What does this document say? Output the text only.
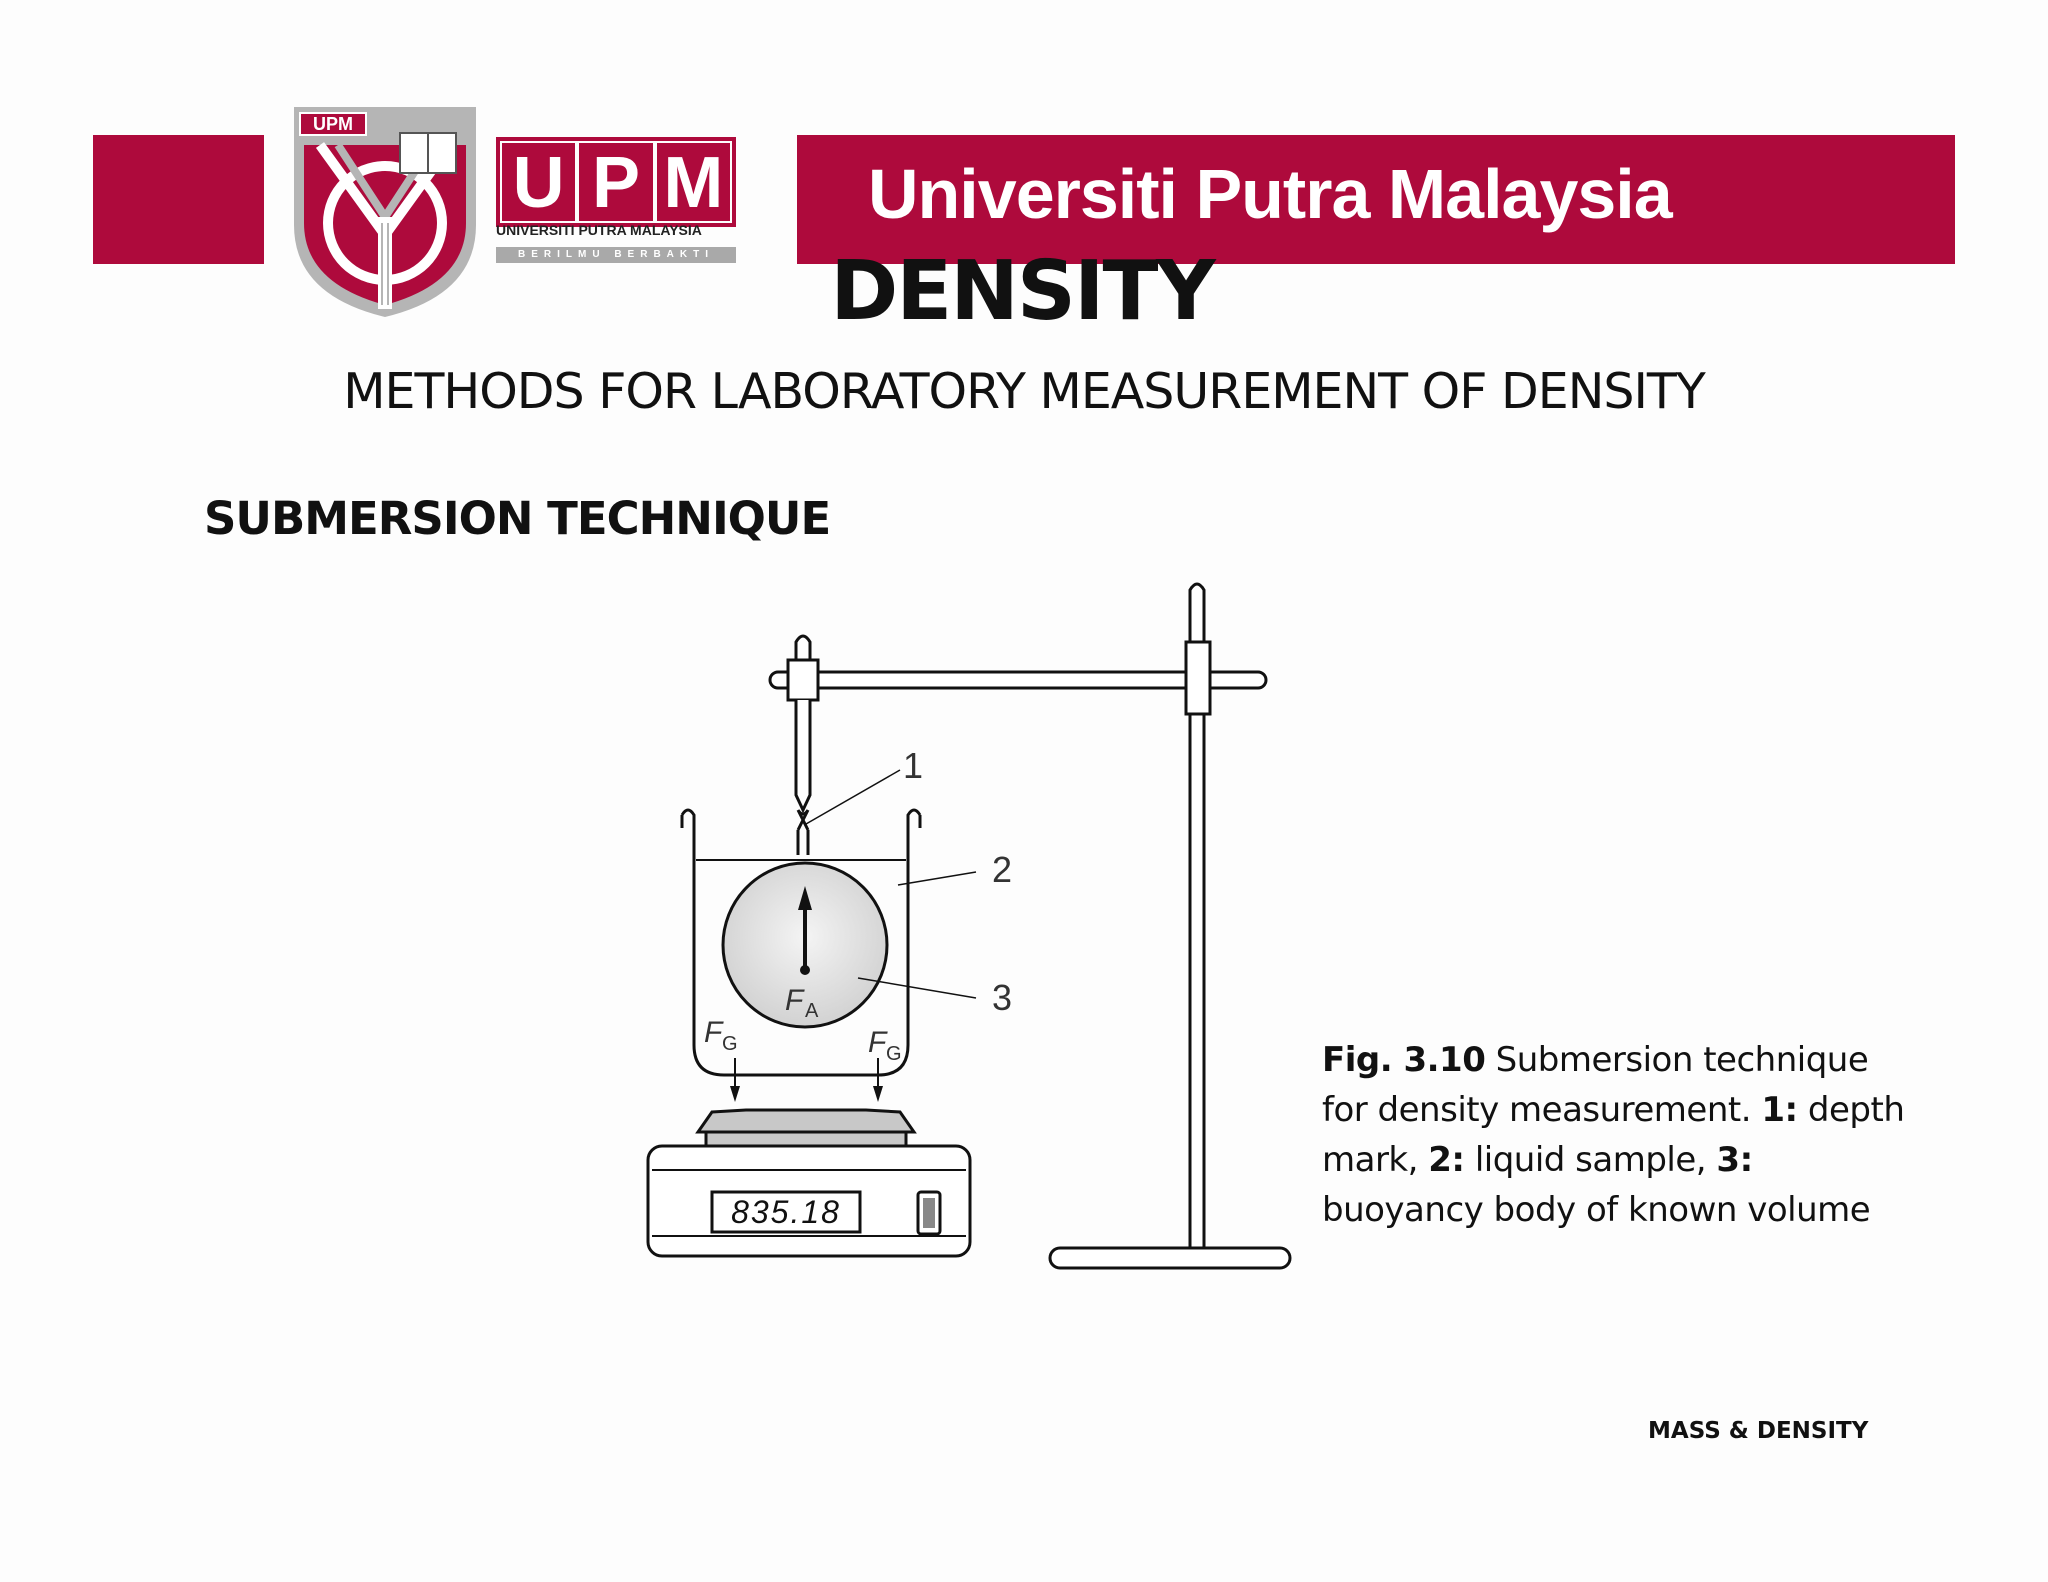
Universiti Putra Malaysia
UPM
U P M
UNIVERSITI PUTRA MALAYSIA
BERILMU BERBAKTI	DENSITY
METHODS FOR LABORATORY MEASUREMENT OF DENSITY
SUBMERSION TECHNIQUE
Fig. 3.10 Submersion technique for density measurement. 1: depth mark, 2: liquid sample, 3: buoyancy body of known volume
MASS & DENSITY
F A
F G	F G
835.18
1
2
3
